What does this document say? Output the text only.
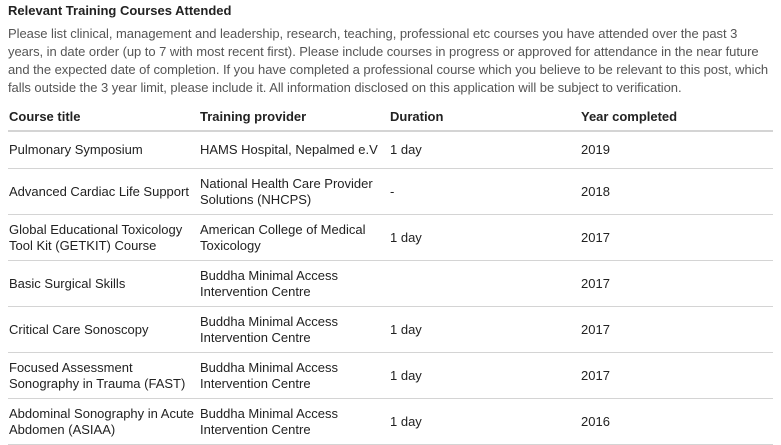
Relevant Training Courses Attended
Please list clinical, management and leadership, research, teaching, professional etc courses you have attended over the past 3 years, in date order (up to 7 with most recent first). Please include courses in progress or approved for attendance in the near future and the expected date of completion. If you have completed a professional course which you believe to be relevant to this post, which falls outside the 3 year limit, please include it. All information disclosed on this application will be subject to verification.
Course title	Training provider	Duration	Year completed
Pulmonary Symposium	HAMS Hospital, Nepalmed e.V	1 day	2019
Advanced Cardiac Life Support	National Health Care Provider Solutions (NHCPS)	-	2018
Global Educational Toxicology Tool Kit (GETKIT) Course	American College of Medical Toxicology	1 day	2017
Basic Surgical Skills	Buddha Minimal Access Intervention Centre		2017
Critical Care Sonoscopy	Buddha Minimal Access Intervention Centre	1 day	2017
Focused Assessment Sonography in Trauma (FAST)	Buddha Minimal Access Intervention Centre	1 day	2017
Abdominal Sonography in Acute Abdomen (ASIAA)	Buddha Minimal Access Intervention Centre	1 day	2016
